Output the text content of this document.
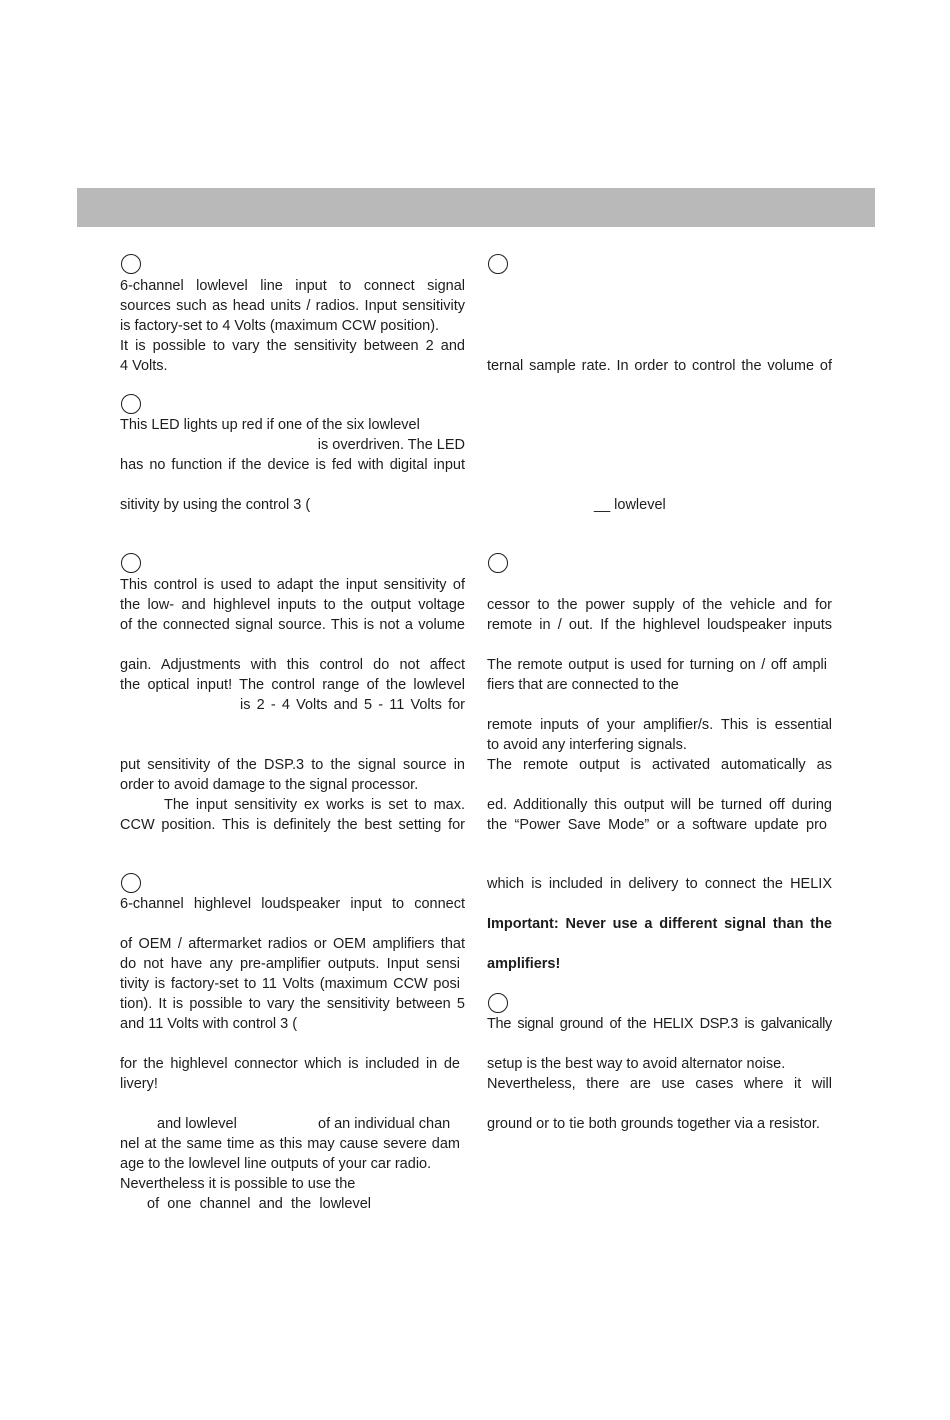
6-channel lowlevel line input to connect signal
sources such as head units / radios. Input sensitivity
is factory-set to 4 Volts (maximum CCW position).
It is possible to vary the sensitivity between 2 and
4 Volts.
This LED lights up red if one of the six lowlevel
is overdriven. The LED
has no function if the device is fed with digital input
sitivity by using the control 3 (
This control is used to adapt the input sensitivity of
the low- and highlevel inputs to the output voltage
of the connected signal source. This is not a volume
gain. Adjustments with this control do not affect
the optical input! The control range of the lowlevel
is 2 - 4 Volts and 5 - 11 Volts for
put sensitivity of the DSP.3 to the signal source in
order to avoid damage to the signal processor.
The input sensitivity ex works is set to max.
CCW position. This is definitely the best setting for
6-channel highlevel loudspeaker input to connect
of OEM / aftermarket radios or OEM amplifiers that
do not have any pre-amplifier outputs. Input sensi
tivity is factory-set to 11 Volts (maximum CCW posi
tion). It is possible to vary the sensitivity between 5
and 11 Volts with control 3 (
for the highlevel connector which is included in de
livery!
and lowlevel	of an individual chan
nel at the same time as this may cause severe dam
age to the lowlevel line outputs of your car radio.
Nevertheless it is possible to use the
of one channel and the lowlevel
ternal sample rate. In order to control the volume of
__ lowlevel
cessor to the power supply of the vehicle and for
remote in / out. If the highlevel loudspeaker inputs
The remote output is used for turning on / off ampli
fiers that are connected to the
remote inputs of your amplifier/s. This is essential
to avoid any interfering signals.
The remote output is activated automatically as
ed. Additionally this output will be turned off during
the “Power Save Mode” or a software update pro
which is included in delivery to connect the HELIX
Important: Never use a different signal than the
amplifiers!
The signal ground of the HELIX DSP.3 is galvanically
setup is the best way to avoid alternator noise.
Nevertheless, there are use cases where it will
ground or to tie both grounds together via a resistor.
